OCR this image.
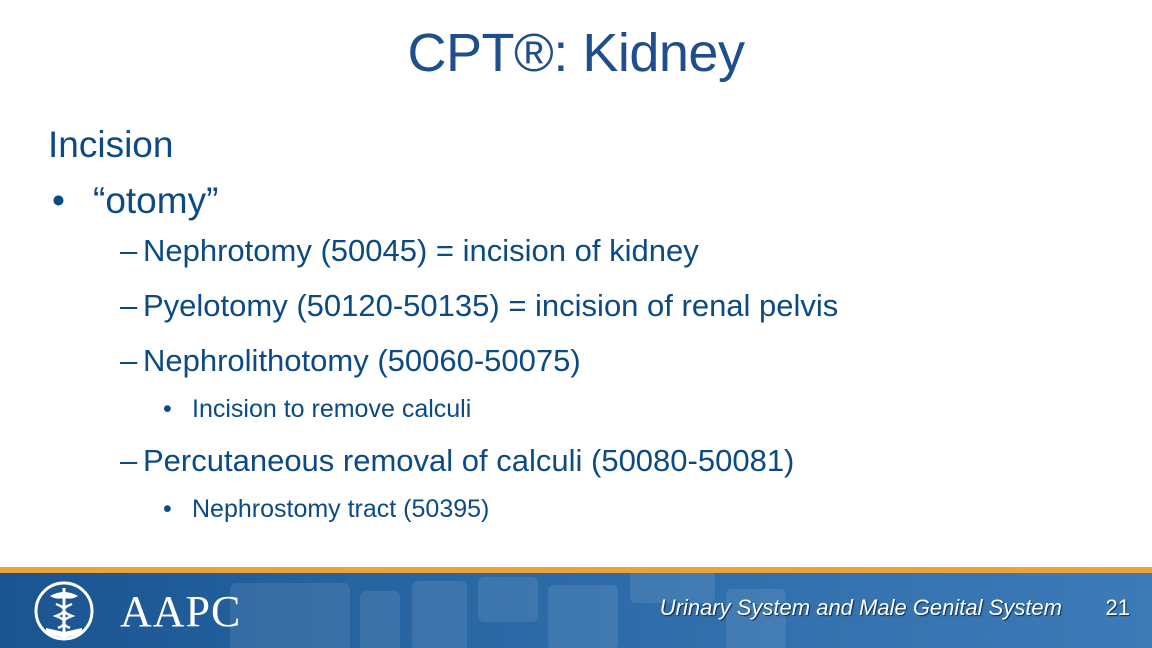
CPT®: Kidney
Incision
• “otomy”
– Nephrotomy (50045) = incision of kidney
– Pyelotomy (50120-50135) = incision of renal pelvis
– Nephrolithotomy (50060-50075)
• Incision to remove calculi
– Percutaneous removal of calculi (50080-50081)
• Nephrostomy tract (50395)
AAPC	Urinary System and Male Genital System 21
